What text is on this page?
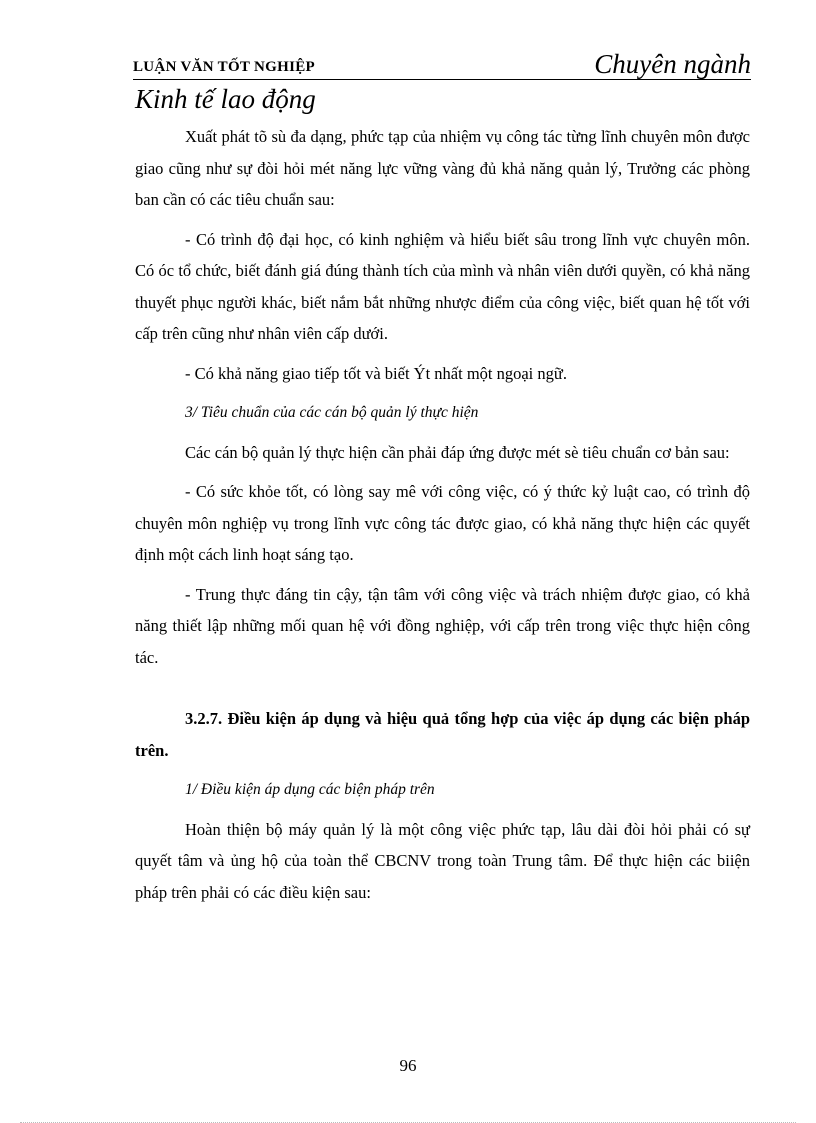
LUẬN VĂN TỐT NGHIỆP	Chuyên ngành
Kinh tế lao động

Xuất phát tõ sù đa dạng, phức tạp của nhiệm vụ công tác từng lĩnh chuyên môn được giao cũng như sự đòi hỏi mét năng lực vững vàng đủ khả năng quản lý, Trưởng các phòng ban cần có các tiêu chuẩn sau:

- Có trình độ đại học, có kinh nghiệm và hiểu biết sâu trong lĩnh vực chuyên môn. Có óc tổ chức, biết đánh giá đúng thành tích của mình và nhân viên dưới quyền, có khả năng thuyết phục người khác, biết nắm bắt những nhược điểm của công việc, biết quan hệ tốt với cấp trên cũng như nhân viên cấp dưới.

- Có khả năng giao tiếp tốt và biết Ýt nhất một ngoại ngữ.

3/ Tiêu chuẩn của các cán bộ quản lý thực hiện

Các cán bộ quản lý thực hiện cần phải đáp ứng được mét sè tiêu chuẩn cơ bản sau:

- Có sức khỏe tốt, có lòng say mê với công việc, có ý thức kỷ luật cao, có trình độ chuyên môn nghiệp vụ trong lĩnh vực công tác được giao, có khả năng thực hiện các quyết định một cách linh hoạt sáng tạo.

- Trung thực đáng tin cậy, tận tâm với công việc và trách nhiệm được giao, có khả năng thiết lập những mối quan hệ với đồng nghiệp, với cấp trên trong việc thực hiện công tác.

3.2.7. Điều kiện áp dụng và hiệu quả tổng hợp của việc áp dụng các biện pháp trên.

1/ Điều kiện áp dụng các biện pháp trên

Hoàn thiện bộ máy quản lý là một công việc phức tạp, lâu dài đòi hỏi phải có sự quyết tâm và ủng hộ của toàn thể CBCNV trong toàn Trung tâm. Để thực hiện các biiện pháp trên phải có các điều kiện sau:

96
